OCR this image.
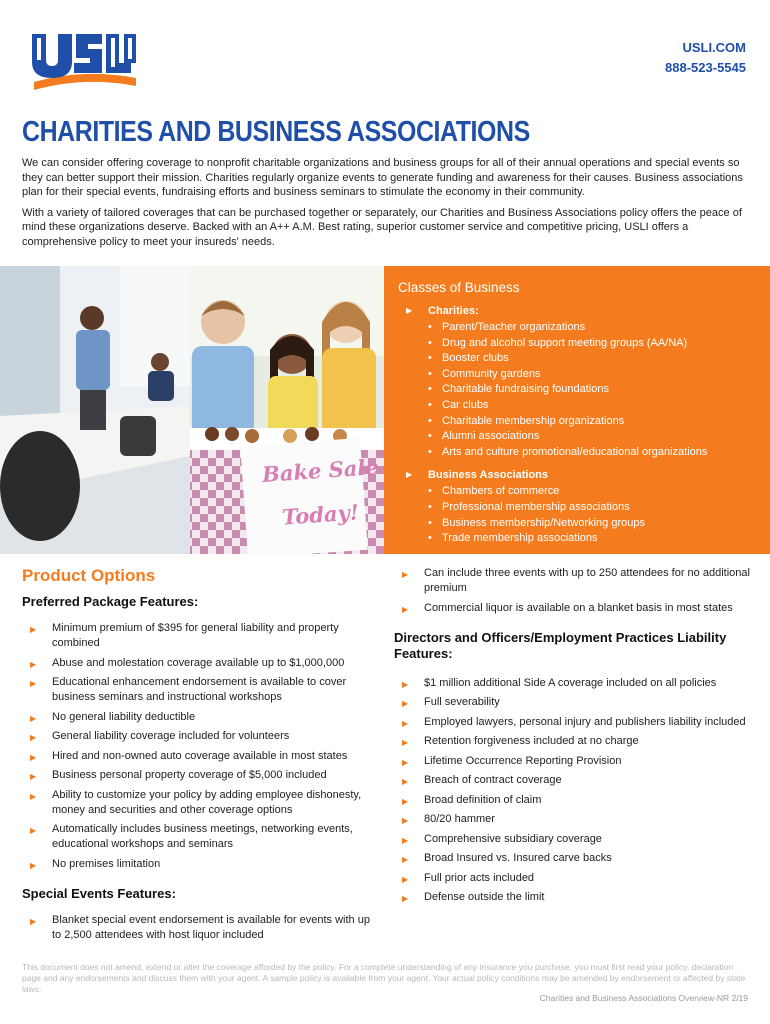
USLI.COM
888-523-5545
CHARITIES AND BUSINESS ASSOCIATIONS

We can consider offering coverage to nonprofit charitable organizations and business groups for all of their annual operations and special events so they can better support their mission. Charities regularly organize events to generate funding and awareness for their causes. Business associations plan for their special events, fundraising efforts and business seminars to stimulate the economy in their community.

With a variety of tailored coverages that can be purchased together or separately, our Charities and Business Associations policy offers the peace of mind these organizations deserve. Backed with an A++ A.M. Best rating, superior customer service and competitive pricing, USLI offers a comprehensive policy to meet your insureds' needs.

Bake Sale
Today!
Classes of Business
▶ Charities:
• Parent/Teacher organizations
• Drug and alcohol support meeting groups (AA/NA)
• Booster clubs
• Community gardens
• Charitable fundraising foundations
• Car clubs
• Charitable membership organizations
• Alumni associations
• Arts and culture promotional/educational organizations
▶ Business Associations
• Chambers of commerce
• Professional membership associations
• Business membership/Networking groups
• Trade membership associations
Product Options
Preferred Package Features:
▶ Minimum premium of $395 for general liability and property combined
▶ Abuse and molestation coverage available up to $1,000,000
▶ Educational enhancement endorsement is available to cover business seminars and instructional workshops
▶ No general liability deductible
▶ General liability coverage included for volunteers
▶ Hired and non-owned auto coverage available in most states
▶ Business personal property coverage of $5,000 included
▶ Ability to customize your policy by adding employee dishonesty, money and securities and other coverage options
▶ Automatically includes business meetings, networking events, educational workshops and seminars
▶ No premises limitation
Special Events Features:
▶ Blanket special event endorsement is available for events with up to 2,500 attendees with host liquor included
▶ Can include three events with up to 250 attendees for no additional premium
▶ Commercial liquor is available on a blanket basis in most states
Directors and Officers/Employment Practices Liability Features:
▶ $1 million additional Side A coverage included on all policies
▶ Full severability
▶ Employed lawyers, personal injury and publishers liability included
▶ Retention forgiveness included at no charge
▶ Lifetime Occurrence Reporting Provision
▶ Breach of contract coverage
▶ Broad definition of claim
▶ 80/20 hammer
▶ Comprehensive subsidiary coverage
▶ Broad Insured vs. Insured carve backs
▶ Full prior acts included
▶ Defense outside the limit
This document does not amend, extend or alter the coverage afforded by the policy. For a complete understanding of any insurance you purchase, you must first read your policy, declaration page and any endorsements and discuss them with your agent. A sample policy is available from your agent. Your actual policy conditions may be amended by endorsement or affected by state laws.
Charities and Business Associations Overview-NR 2/19
